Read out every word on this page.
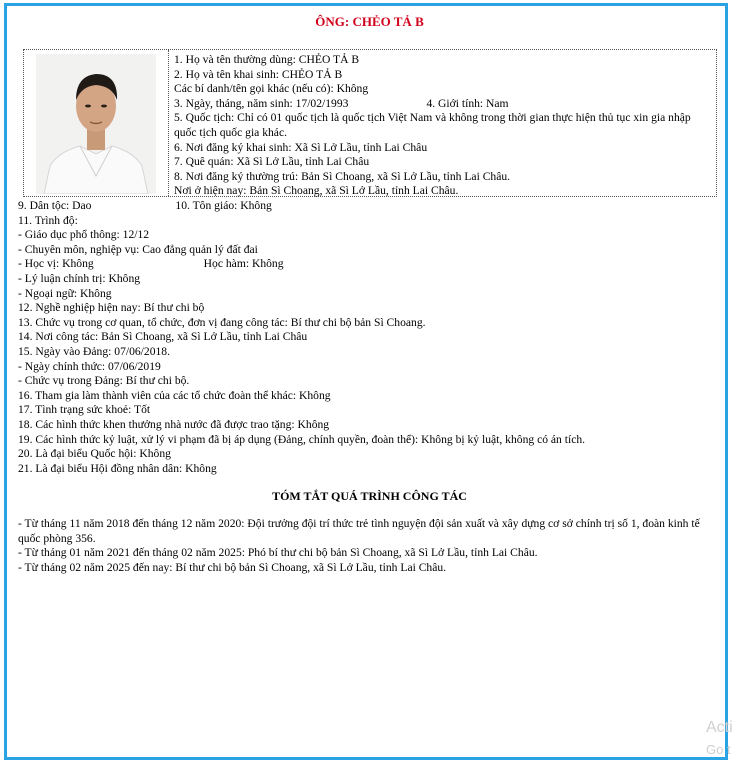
ÔNG: CHẺO TẢ B
1. Họ và tên thường dùng: CHẺO TẢ B
2. Họ và tên khai sinh: CHẺO TẢ B
Các bí danh/tên gọi khác (nếu có): Không
3. Ngày, tháng, năm sinh: 17/02/1993	4. Giới tính: Nam
5. Quốc tịch: Chỉ có 01 quốc tịch là quốc tịch Việt Nam và không trong thời gian thực hiện thủ tục xin gia nhập quốc tịch quốc gia khác.
6. Nơi đăng ký khai sinh: Xã Sì Lở Lầu, tỉnh Lai Châu
7. Quê quán: Xã Sì Lở Lầu, tỉnh Lai Châu
8. Nơi đăng ký thường trú: Bản Sì Choang, xã Sì Lở Lầu, tỉnh Lai Châu.
Nơi ở hiện nay: Bản Sì Choang, xã Sì Lở Lầu, tỉnh Lai Châu.
9. Dân tộc: Dao	10. Tôn giáo: Không
11. Trình độ:
- Giáo dục phổ thông: 12/12
- Chuyên môn, nghiệp vụ: Cao đẳng quản lý đất đai
- Học vị: Không	Học hàm: Không
- Lý luận chính trị: Không
- Ngoại ngữ: Không
12. Nghề nghiệp hiện nay: Bí thư chi bộ
13. Chức vụ trong cơ quan, tổ chức, đơn vị đang công tác: Bí thư chi bộ bản Sì Choang.
14. Nơi công tác: Bản Sì Choang, xã Sì Lở Lầu, tỉnh Lai Châu
15. Ngày vào Đảng: 07/06/2018.
- Ngày chính thức: 07/06/2019
- Chức vụ trong Đảng: Bí thư chi bộ.
16. Tham gia làm thành viên của các tổ chức đoàn thể khác: Không
17. Tình trạng sức khoẻ: Tốt
18. Các hình thức khen thưởng nhà nước đã được trao tặng: Không
19. Các hình thức kỷ luật, xử lý vi phạm đã bị áp dụng (Đảng, chính quyền, đoàn thể): Không bị kỷ luật, không có án tích.
20. Là đại biểu Quốc hội: Không
21. Là đại biểu Hội đồng nhân dân: Không
TÓM TẮT QUÁ TRÌNH CÔNG TÁC
- Từ tháng 11 năm 2018 đến tháng 12 năm 2020: Đội trưởng đội trí thức trẻ tình nguyện đội sản xuất và xây dựng cơ sở chính trị số 1, đoàn kinh tế quốc phòng 356.
- Từ tháng 01 năm 2021 đến tháng 02 năm 2025: Phó bí thư chi bộ bản Sì Choang, xã Sì Lở Lầu, tỉnh Lai Châu.
- Từ tháng 02 năm 2025 đến nay: Bí thư chi bộ bản Sì Choang, xã Sì Lở Lầu, tỉnh Lai Châu.
Acti
Go t
